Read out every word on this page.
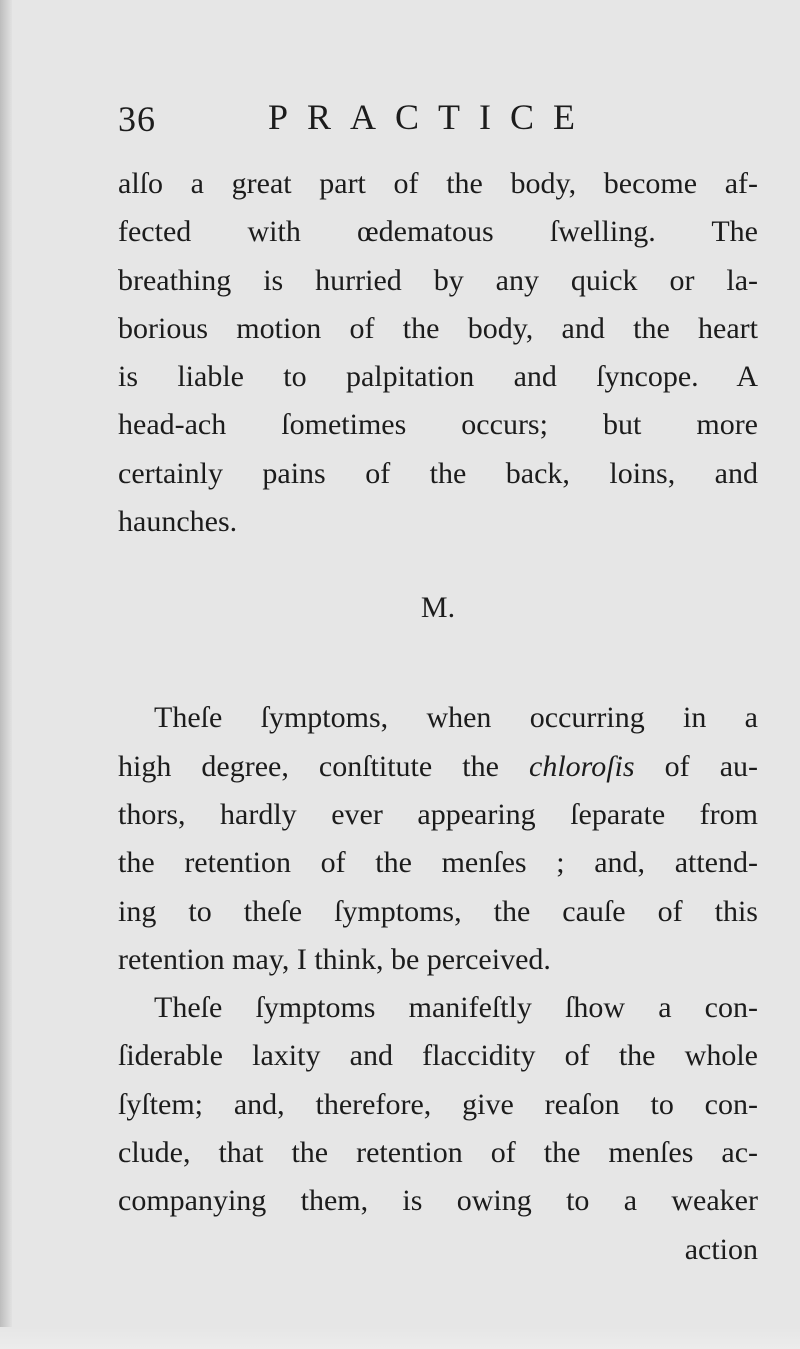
36	PRACTICE
alſo a great part of the body, become af-
fected with œdematous ſwelling. The
breathing is hurried by any quick or la-
borious motion of the body, and the heart
is liable to palpitation and ſyncope. A
head-ach ſometimes occurs; but more
certainly pains of the back, loins, and
haunches.
M.
Theſe ſymptoms, when occurring in a
high degree, conſtitute the chloroſis of au-
thors, hardly ever appearing ſeparate from
the retention of the menſes ; and, attend-
ing to theſe ſymptoms, the cauſe of this
retention may, I think, be perceived.
Theſe ſymptoms manifeſtly ſhow a con-
ſiderable laxity and flaccidity of the whole
ſyſtem; and, therefore, give reaſon to con-
clude, that the retention of the menſes ac-
companying them, is owing to a weaker
action
